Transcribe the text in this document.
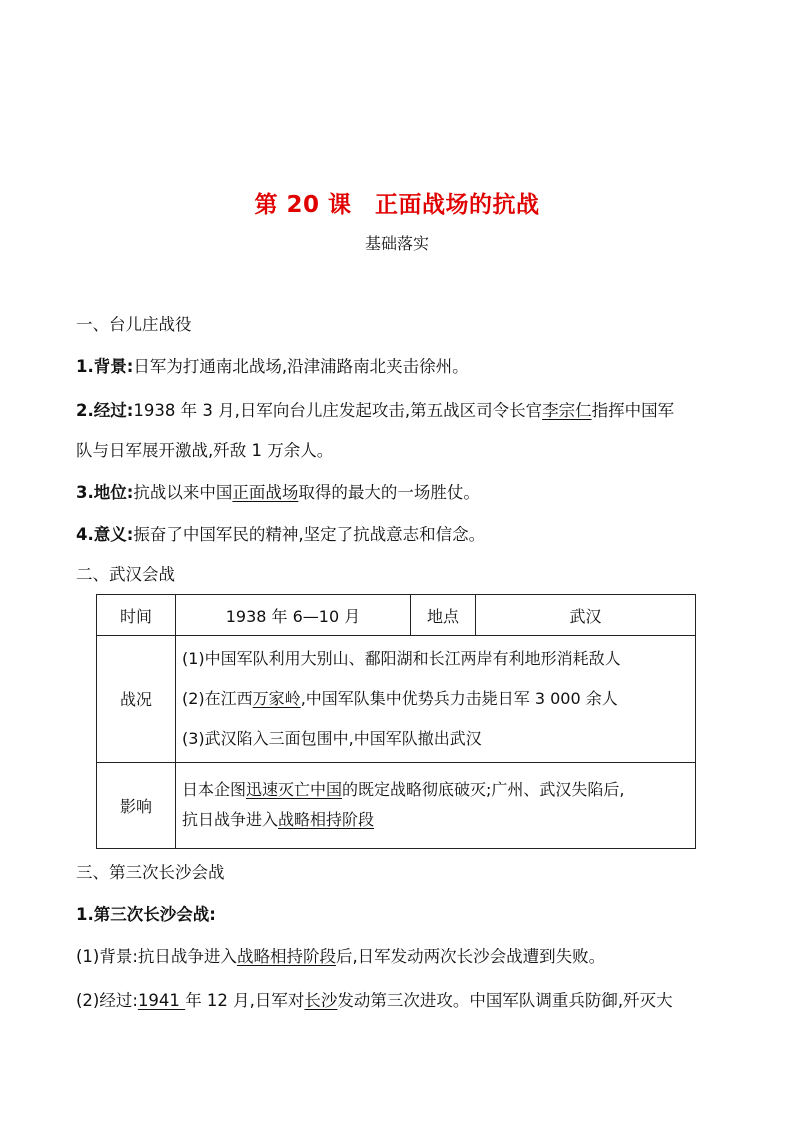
第 20 课　正面战场的抗战
基础落实
一、台儿庄战役
1.背景:日军为打通南北战场,沿津浦路南北夹击徐州。
2.经过:1938 年 3 月,日军向台儿庄发起攻击,第五战区司令长官李宗仁指挥中国军
队与日军展开激战,歼敌 1 万余人。
3.地位:抗战以来中国正面战场取得的最大的一场胜仗。
4.意义:振奋了中国军民的精神,坚定了抗战意志和信念。
二、武汉会战
时间	1938 年 6—10 月	地点	武汉
战况	(1)中国军队利用大别山、鄱阳湖和长江两岸有利地形消耗敌人
(2)在江西万家岭,中国军队集中优势兵力击毙日军 3 000 余人
(3)武汉陷入三面包围中,中国军队撤出武汉		

影响	日本企图迅速灭亡中国的既定战略彻底破灭;广州、武汉失陷后,
抗日战争进入战略相持阶段		
三、第三次长沙会战
1.第三次长沙会战:
(1)背景:抗日战争进入战略相持阶段后,日军发动两次长沙会战遭到失败。
(2)经过:1941 年 12 月,日军对长沙发动第三次进攻。中国军队调重兵防御,歼灭大
